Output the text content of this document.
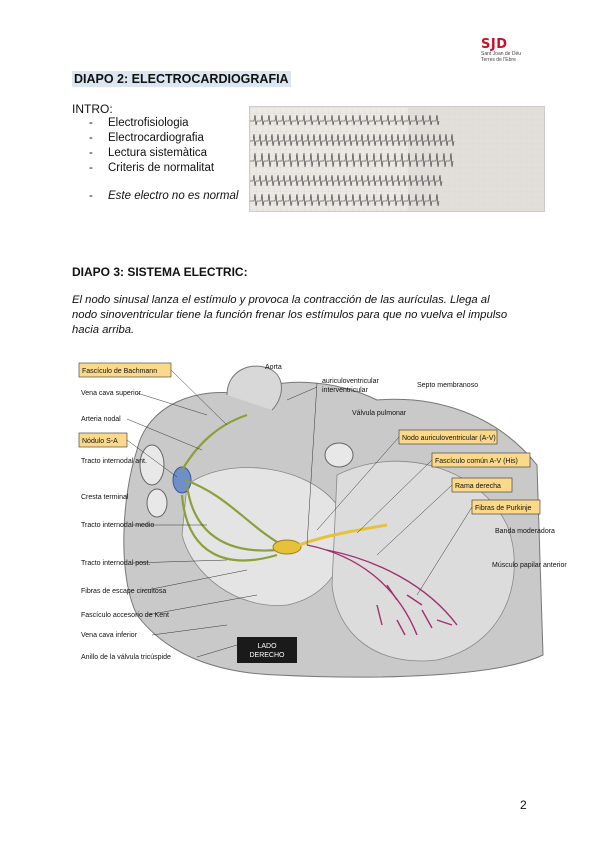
SJD
Sant Joan de Déu
Terres de l'Ebre
DIAPO 2: ELECTROCARDIOGRAFIA
INTRO:
- Electrofisiologia
- Electrocardiografia
- Lectura sistemàtica
- Criteris de normalitat
- Este electro no es normal
DIAPO 3: SISTEMA ELECTRIC:
El nodo sinusal lanza el estímulo y provoca la contracción de las aurículas. Llega al nodo sinoventricular tiene la función frenar los estímulos para que no vuelva el impulso hacia arriba.
LADO
DERECHO
Fascículo de Bachmann
Nódulo S-A	Nodo auriculoventricular (A-V)
Fascículo común A-V (His)
Rama derecha
Fibras de Purkinje
Vena cava superior
Arteria nodal
Tracto internodal ant.
Cresta terminal
Tracto internodal medio
Tracto internodal post.
Fibras de escape circuitosa
Fascículo accesorio de Kent
Vena cava inferior
Anillo de la válvula tricúspide
Aorta
auriculoventricular
interventricular
Septo membranoso
Válvula pulmonar
Banda moderadora
Músculo papilar anterior
2
